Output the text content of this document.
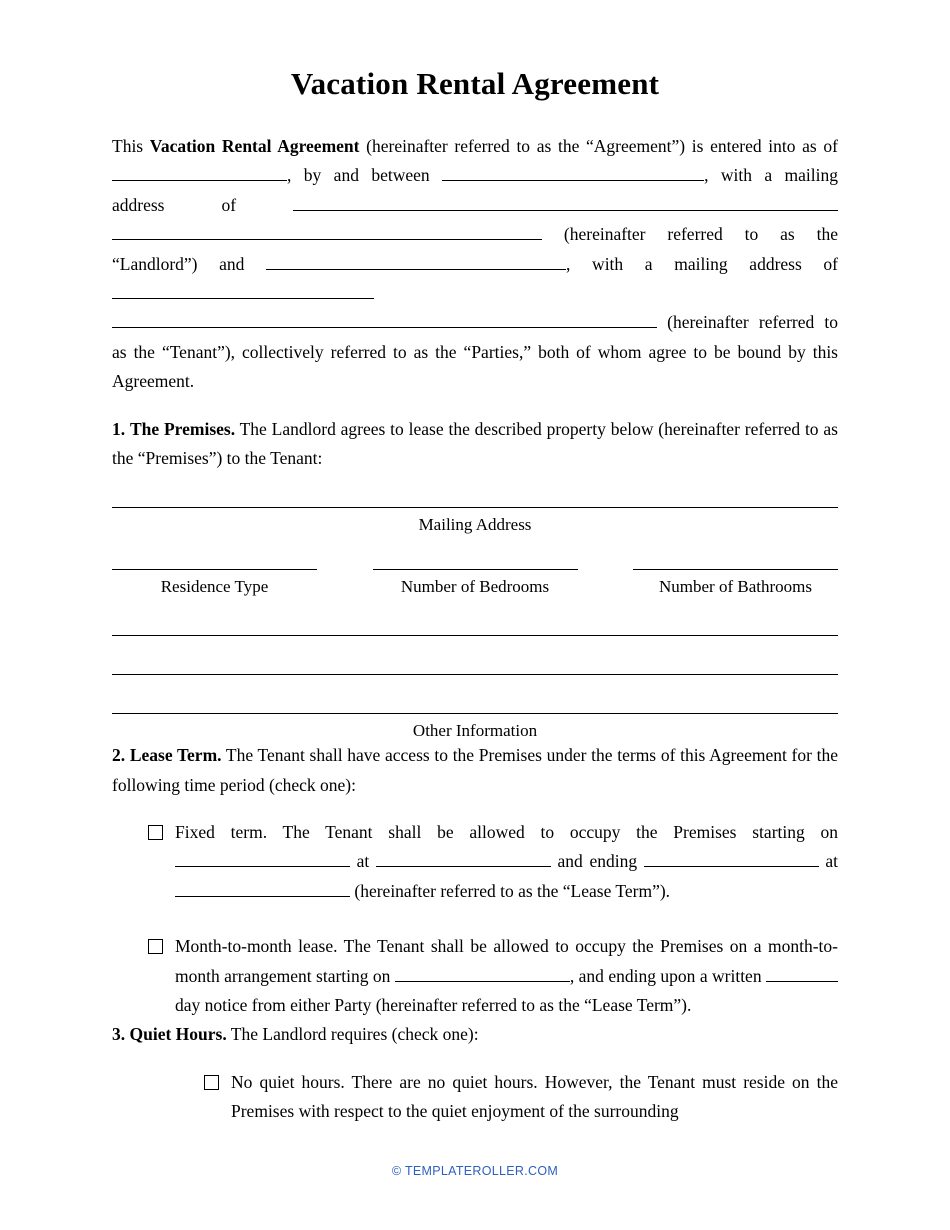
Vacation Rental Agreement

This Vacation Rental Agreement (hereinafter referred to as the “Agreement”) is entered into as of , by and between	, with a mailing address of  (hereinafter referred to as the “Landlord”) and	, with a mailing address of  (hereinafter referred to as the “Tenant”), collectively referred to as the “Parties,” both of whom agree to be bound by this Agreement.

1. The Premises. The Landlord agrees to lease the described property below (hereinafter referred to as the “Premises”) to the Tenant:

Mailing Address
Residence Type	Number of Bedrooms	Number of Bathrooms
Other Information

2. Lease Term. The Tenant shall have access to the Premises under the terms of this Agreement for the following time period (check one):

Fixed term. The Tenant shall be allowed to occupy the Premises starting on  at	and ending	at  (hereinafter referred to as the “Lease Term”).
Month-to-month lease. The Tenant shall be allowed to occupy the Premises on a month-to-month arrangement starting on	, and ending upon a written  day notice from either Party (hereinafter referred to as the “Lease Term”).

3. Quiet Hours. The Landlord requires (check one):

No quiet hours. There are no quiet hours. However, the Tenant must reside on the Premises with respect to the quiet enjoyment of the surrounding
© TEMPLATEROLLER.COM
